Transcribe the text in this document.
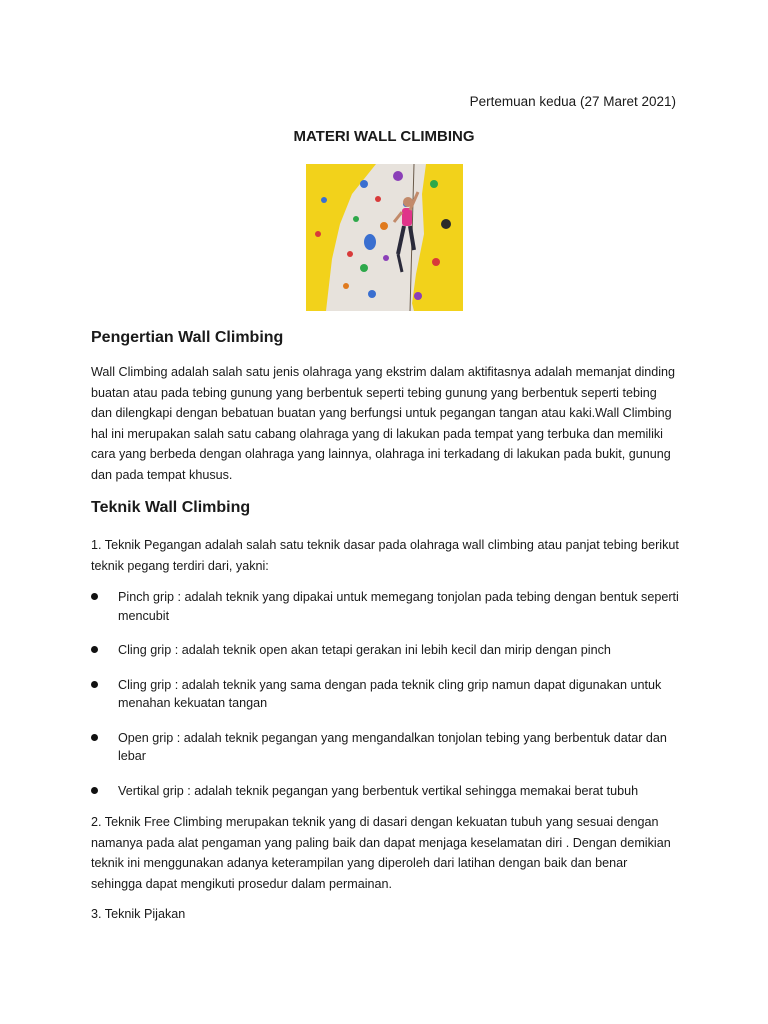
Pertemuan kedua (27 Maret 2021)
MATERI WALL CLIMBING
Pengertian Wall Climbing

Wall Climbing adalah salah satu jenis olahraga yang ekstrim dalam aktifitasnya adalah memanjat dinding buatan atau pada tebing gunung yang berbentuk seperti tebing gunung yang berbentuk seperti tebing dan dilengkapi dengan bebatuan buatan yang berfungsi untuk pegangan tangan atau kaki.Wall Climbing hal ini merupakan salah satu cabang olahraga yang di lakukan pada tempat yang terbuka dan memiliki cara yang berbeda dengan olahraga yang lainnya, olahraga ini terkadang di lakukan pada bukit, gunung dan pada tempat khusus.

Teknik Wall Climbing

1. Teknik Pegangan adalah salah satu teknik dasar pada olahraga wall climbing atau panjat tebing berikut teknik pegang terdiri dari, yakni:

Pinch grip : adalah teknik yang dipakai untuk memegang tonjolan pada tebing dengan bentuk seperti mencubit
Cling grip : adalah teknik open akan tetapi gerakan ini lebih kecil dan mirip dengan pinch
Cling grip : adalah teknik yang sama dengan pada teknik cling grip namun dapat digunakan untuk menahan kekuatan tangan
Open grip : adalah teknik pegangan yang mengandalkan tonjolan tebing yang berbentuk datar dan lebar
Vertikal grip : adalah teknik pegangan yang berbentuk vertikal sehingga memakai berat tubuh

2. Teknik Free Climbing merupakan teknik yang di dasari dengan kekuatan tubuh yang sesuai dengan namanya pada alat pengaman yang paling baik dan dapat menjaga keselamatan diri . Dengan demikian teknik ini menggunakan adanya keterampilan yang diperoleh dari latihan dengan baik dan benar sehingga dapat mengikuti prosedur dalam permainan.

3. Teknik Pijakan
